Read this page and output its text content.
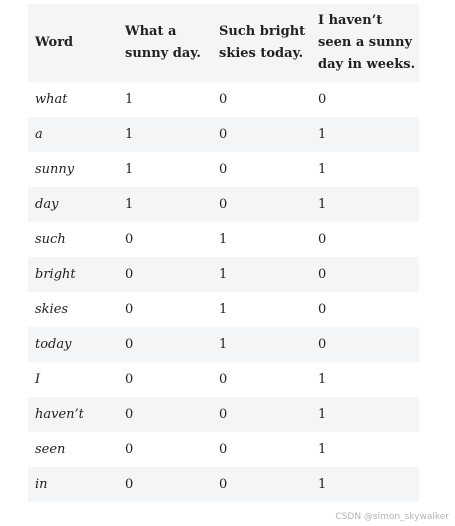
Word	What a sunny day.	Such bright skies today.	I haven’t seen a sunny day in weeks.
what	1	0	0
a	1	0	1
sunny	1	0	1
day	1	0	1
such	0	1	0
bright	0	1	0
skies	0	1	0
today	0	1	0
I	0	0	1
haven’t	0	0	1
seen	0	0	1
in	0	0	1
CSDN @simon_skywalker
